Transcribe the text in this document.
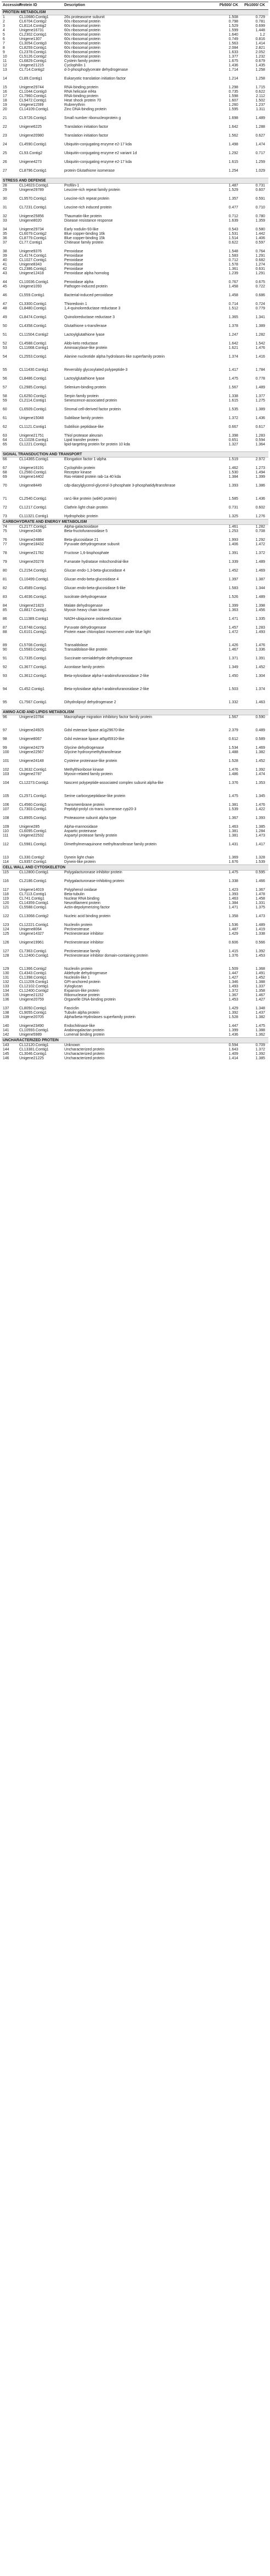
Accession	Protein ID	Description	Pb500/ CK	Pb1000/ CK
PROTEIN METABOLISM				
1	CL10680.Contig1	26s proteasome subunit	1.508	0.729
2	CL6704.Contig2	60s ribosomal protein	0.798	0.781
3	CL8114.Contig2	60s ribosomal protein	1.529	0.699
4	Unigene16731	60s ribosomal protein	1.599	1.448
5	CL2302.Contig1	60s ribosomal protein	1.640	1.2
6	Unigene1307	60s ribosomal protein	0.749	0.816
7	CL3054.Contig3	60s ribosomal protein	1.563	1.414
8	CL8259.Contig1	60s ribosomal protein	2.084	2.821
9	CL2378.Contig1	60s ribosomal protein	1.633	2.052
10	CL5126.Contig2	60s ribosomal protein	1.377	1.232
11	CL6829.Contig1	Cystein family protein	1.675	0.679
12	Unigene21215	Cyclophilin 1	1.436	1.435
13	CL714.Contig2	d-3-phosphoglycerate dehydrogenase	1.714	1.258
14	CL89.Contig1	Eukaryotic translation initiation factor	1.214	1.258
15	Unigene29744	RNA-binding protein	1.298	1.715
16	CL1044.Contig3	RNA helicase eif4a	0.735	0.622
17	CL7960.Contig1	RNA-binding protein	1.598	2.112
18	CL9472.Contig1	Heat shock protein 70	1.607	1.502
19	Unigene11599	Rubrerythrin	1.260	1.237
20	CL14109.Contig1	Zinc DNA-binding protein	1.595	1.311
21	CL9726.Contig1	Small number ribonucleoprotein g	1.698	1.489
22	Unigene6225	Translation initiation factor	1.642	1.288
23	Unigene20980	Translation initiation factor	1.562	0.627
24	CL4590.Contig1	Ubiquitin-conjugating enzyme e2-17 kda	1.498	1.474
25	CL93.Contig2	Ubiquitin-conjugating enzyme e2 variant 1d	1.292	0.717
26	Unigene4273	Ubiquitin-conjugating enzyme e2-17 kda	1.615	1.259
27	CL8796.Contig1	protein Glutathione isomerase	1.254	1.029
STRESS AND DEFENSE				
28	CL14023.Contig1	Profilin-1	1.487	0.731
29	Unigene29789	Leucine-rich repeat family protein	1.529	0.607
30	CL9570.Contig1	Leucine-rich repeat protein	1.357	0.591
31	CL7231.Contig1	Leucine-rich induced protein	0.477	0.710
32	Unigene25856	Thaumatin-like protein	0.712	0.780
33	Unigene8020	Disease resistance response	1.639	1.359
34	Unigene29734	Early nodulin-93-like	0.543	0.580
35	CL6079.Contig2	Blue copper-binding 16k	1.531	1.442
36	CL8779.Contig1	Blue copper-binding 15k	1.514	1.406
37	CL77.Contig1	Chitinase family protein	0.622	0.597
38	Unigene9376	Peroxidase	1.548	0.764
39	CL4174.Contig1	Peroxidase	1.583	1.291
40	CL1027.Contig1	Peroxidase	0.712	0.682
41	Unigene8343	Peroxidase	1.578	1.274
42	CL2386.Contig1	Peroxidase	1.361	0.631
43	Unigene12418	Peroxidase alpha homolog	1.239	1.291
44	CL10036.Contig1	Peroxidase alpha	0.767	0.675
45	Unigene1093	Pathogen-induced protein	1.458	0.722
46	CL559.Contig1	Bacterial-induced peroxidase	1.458	0.686
47	CL3300.Contig1	Thioredoxin 1	0.714	0.724
48	CL8480.Contig1	1,4-quinoloreductase reductase 3	1.512	0.779
49	CL8474.Contig1	Quinoloreductase reductase 3	1.365	1.341
50	CL4358.Contig1	Glutathione s-transferase	1.378	1.389
51	CL11504.Contig2	Lactoylglutathione lyase	1.247	1.282
52	CL4588.Contig1	Aldo-keto reductase	1.642	1.542
53	CL11668.Contig1	Aminoacylase-like protein	1.621	1.476
54	CL2553.Contig1	Alanine nucleotide alpha hydrolases-like superfamily protein	1.374	1.416
55	CL11430.Contig1	Reversibly glycosylated polypeptide-3	1.417	1.784
56	CL8486.Contig1	Lactoylglutathione lyase	1.475	0.778
57	CL2985.Contig1	Selenium-binding protein	1.567	1.489
58	CL6250.Contig1	Serpin family protein	1.338	1.377
59	CL2114.Contig1	Senescence-associated protein	1.615	1.275
60	CL6509.Contig1	Stromal cell-derived factor protein	1.535	1.389
61	Unigene15048	Subtilase family protein	1.372	1.436
62	CL1121.Contig1	Subtilisin peptidase-like	0.667	0.617
63	Unigene21751	Thiol protease aleurain	1.398	1.283
64	CL11028.Contig1	Lipid transfer protein	0.651	0.594
65	CL1221.Contig1	lipid-targeting protein for protein 10 kda	1.327	1.364
SIGNAL TRANSDUCTION AND TRANSPORT				
66	CL14365.Contig1	Elongation factor 1-alpha	1.519	2.972
67	Unigene16191	Cyclophilin protein	1.462	1.273
68	CL2560.Contig1	Receptor kinase	1.530	1.494
69	Unigene14402	Ras-related protein rab-1a 40 kda	1.384	1.399
70	Unigene8449	cdp-diacylglycerol-glycerol-3-phosphate 3-phosphatidyltransferase	1.393	1.386
71	CL2540.Contig1	ran1-like protein (wd40 protein)	1.585	1.436
72	CL1217.Contig1	Clathrin light chain protein	0.731	0.602
73	CL11321.Contig1	Hydrophobic protein	1.325	1.276
CARBOHYDRATE AND ENERGY METABOLISM				
74	CL2177.Contig1	Alpha-galactosidase	1.461	1.282
75	Unigene2436	Beta-fructofuranosidase 5	1.253	0.708
76	Unigene24884	Beta-glucosidase 21	1.993	1.292
77	Unigene18432	Pyruvate dehydrogenase subunit	1.406	1.472
78	Unigene21782	Fructose 1,6-bisphosphate	1.391	1.372
79	Unigene20278	Fumarate hydratase mitochondrial-like	1.339	1.489
80	CL2154.Contig1	Glucan endo-1,3-beta-glucosidase 4	1.452	1.469
81	CL10499.Contig1	Glucan endo-beta-glucosidase 4	1.397	1.387
82	CL4589.Contig1	Glucan endo-beta-glucosidase 6-like	1.583	1.344
83	CL4036.Contig1	Isocitrate dehydrogenase	1.526	1.489
84	Unigene21823	Malate dehydrogenase	1.399	1.398
85	CL8817.Contig1	Myosin heavy chain kinase	1.363	1.456
86	CL11389.Contig1	NADH-ubiquinone oxidoreductase	1.471	1.335
87	CL6748.Contig1	Pyruvate dehydrogenase	1.457	1.283
88	CL6101.Contig1	Protein eaae chloroplast movement under blue light	1.472	1.493
89	CL5708.Contig1	Transaldolase	1.426	1.476
90	CL5583.Contig1	Transaldolase-like protein	1.467	1.336
91	CL7335.Contig1	Succinate-semialdehyde dehydrogenase	1.371	1.391
92	CL3677.Contig1	Aconitase family protein	1.349	1.452
93	CL3612.Contig1	Beta-xylosidase alpha-l-arabinofuranosidase 2-like	1.450	1.304
94	CL452.Contig1	Beta-xylosidase alpha-l-arabinofuranosidase 2-like	1.503	1.374
95	CL7567.Contig1	Dihydrolipoyl dehydrogenase 2	1.332	1.463
AMINO ACID AND LIPIDS METABOLISM				
96	Unigene10784	Macrophage migration inhibitory factor family protein	1.567	0.590
97	Unigene24925	Gdsl esterase lipase at1g29670-like	2.379	0.489
98	Unigene8067	Gdsl esterase lipase at5g45910-like	0.612	0.589
99	Unigene24279	Glycine dehydrogenase	1.534	1.469
100	Unigene22567	Glycine hydroxymethyltransferase	1.488	1.382
101	Unigene24148	Cysteine proteinase-like protein	1.528	1.452
102	CL3632.Contig1	Methylthioribose kinase	1.476	1.392
103	Unigene2787	Myosin-related family protein	1.486	1.474
104	CL12273.Contig1	Nascent polypeptide-associated complex subunit alpha-like	1.376	1.353
105	CL2571.Contig1	Serine carboxypeptidase-like protein	1.475	1.345
106	CL4560.Contig1	Transmembrane protein	1.381	1.476
107	CL7303.Contig1	Peptidyl-prolyl cis-trans isomerase cyp20-3	1.539	1.422
108	CL8905.Contig1	Proteasome subunit alpha type	1.367	1.393
109	Unigene285	Alpha-mannosidase	1.463	1.385
110	CL6095.Contig1	Aspartic proteinase	1.381	1.284
111	Unigene22532	Aspartyl protease family protein	1.381	1.473
112	CL5981.Contig1	Dimethylmenaquinone methyltransferase family protein	1.431	1.417
113	CL330.Contig2	Dynein light chain	1.369	1.328
114	CL9357.Contig1	Dynein-like protein	1.676	1.539
CELL WALL AND CYTOSKELETON				
115	CL12800.Contig1	Polygalacturonase inhibitor protein	1.475	0.595
116	CL2186.Contig1	Polygalacturonase-inhibiting protein	1.338	1.466
117	Unigene14019	Polyphenol oxidase	1.423	1.367
118	CL7113.Contig1	Beta-tubulin	1.393	1.478
119	CL741.Contig1	Nuclear RNA binding	1.463	1.458
120	CL14359.Contig1	Neurofilament protein	1.384	1.331
121	CL5588.Contig1	Actin-depolymerizing factor	1.471	1.375
122	CL13068.Contig2	Nucleic acid binding protein	1.358	1.473
123	CL12221.Contig1	Nucleolin protein	1.536	1.489
124	Unigene8064	Pectinesterase	1.487	1.419
125	Unigene14327	Pectinesterase inhibitor	1.429	1.338
126	Unigene19961	Pectinesterase inhibitor	0.606	0.566
127	CL7363.Contig1	Pectinesterase family	1.415	1.392
128	CL12400.Contig1	Pectinesterase inhibitor domain-containing protein	1.376	1.453
129	CL1366.Contig2	Nucleolin protein	1.509	1.368
130	CL4343.Contig1	Aldehyde dehydrogenase	1.447	1.491
131	CL1398.Contig1	Nucleolin-like 1	1.427	1.452
132	CL11209.Contig1	GPI-anchored protein	1.346	1.388
133	CL12102.Contig1	Xyloglucan	1.493	1.337
134	CL12400.Contig2	Expansin-like protein	1.372	1.358
135	Unigene21152	Ribonuclease protein	1.367	1.467
136	Unigene20759	Organelle DNA-binding protein	1.453	1.427
137	CL8050.Contig1	Fasciclin	1.429	1.348
138	CL9055.Contig1	Tubulin alpha protein	1.392	1.437
139	Unigene20705	Alpha/beta-Hydrolases superfamily protein	1.528	1.382
140	Unigene23490	Endochitinase-like	1.447	1.475
141	CL10593.Contig1	Arabinogalactan protein	1.399	1.388
142	Unigene5989	Lumenal binding protein	1.436	1.362
UNCHARACTERIZED PROTEIN				
143	CL12120.Contig1	Unknown	0.594	0.709
144	CL13381.Contig1	Uncharacterized protein	1.643	1.372
145	CL3046.Contig1	Uncharacterized protein	1.409	1.392
146	Unigene21225	Uncharacterized protein	1.414	1.385
